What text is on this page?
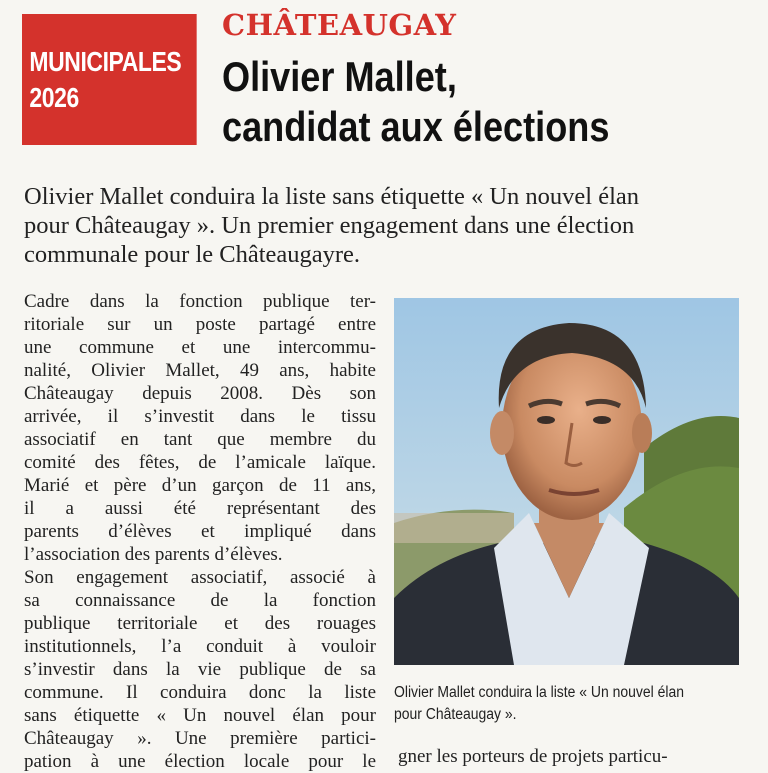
MUNICIPALES
2026
CHÂTEAUGAY
Olivier Mallet,
candidat aux élections
Olivier Mallet conduira la liste sans étiquette « Un nouvel élan
pour Châteaugay ». Un premier engagement dans une élection
communale pour le Châteaugayre.
Cadre dans la fonction publique ter-
ritoriale sur un poste partagé entre
une commune et une intercommu-
nalité, Olivier Mallet, 49 ans, habite
Châteaugay depuis 2008. Dès son
arrivée, il s’investit dans le tissu
associatif en tant que membre du
comité des fêtes, de l’amicale laïque.
Marié et père d’un garçon de 11 ans,
il a aussi été représentant des
parents d’élèves et impliqué dans
l’association des parents d’élèves.
Son engagement associatif, associé à
sa connaissance de la fonction
publique territoriale et des rouages
institutionnels, l’a conduit à vouloir
s’investir dans la vie publique de sa
commune. Il conduira donc la liste
sans étiquette « Un nouvel élan pour
Châteaugay ». Une première partici-
pation à une élection locale pour le
Olivier Mallet conduira la liste « Un nouvel élan
pour Châteaugay ».
gner les porteurs de projets particu-
